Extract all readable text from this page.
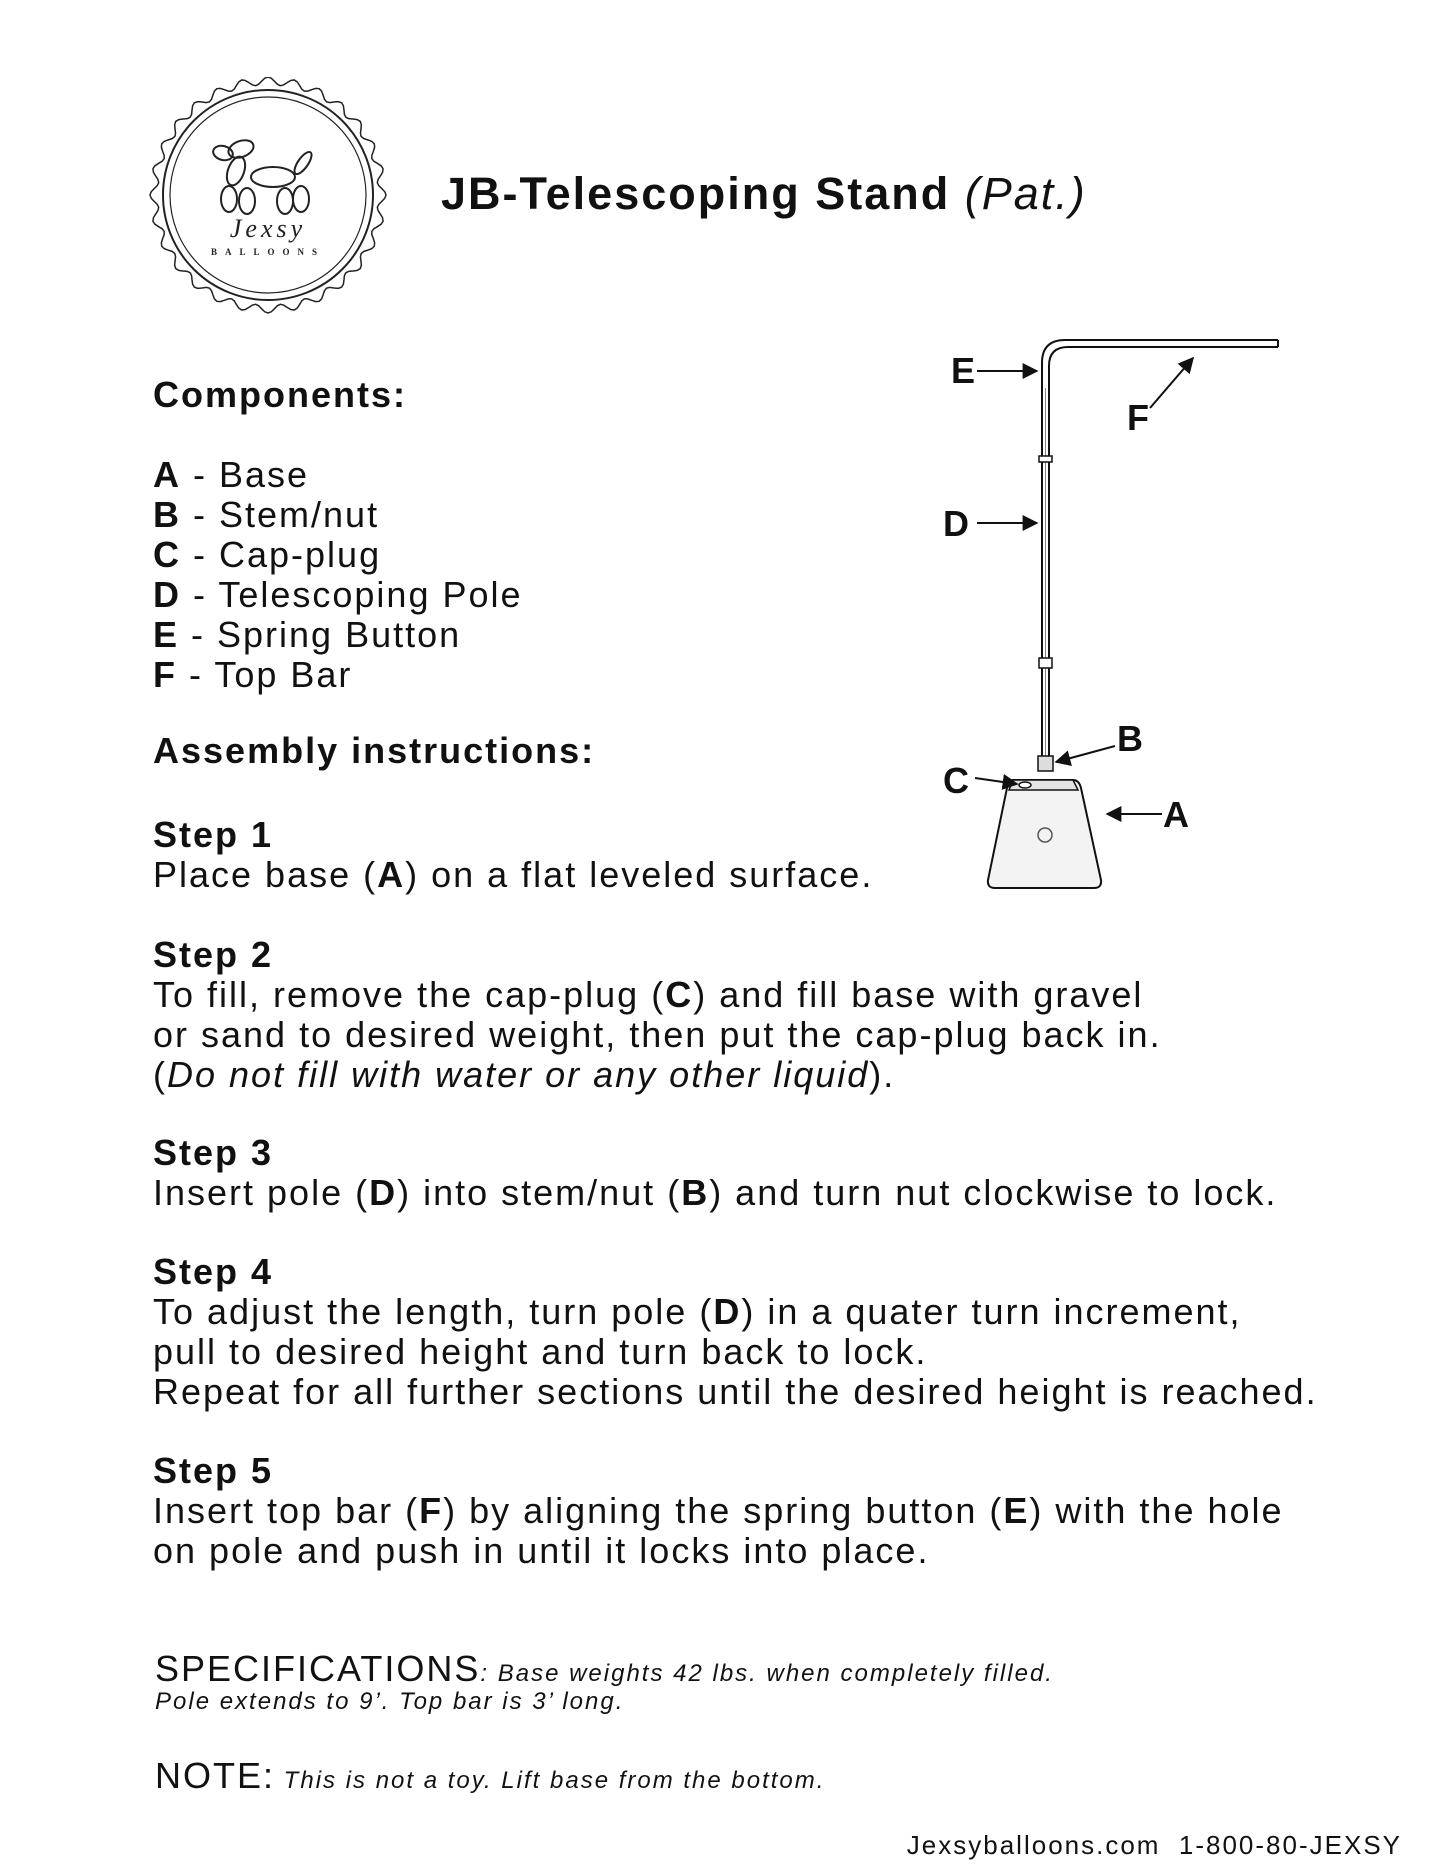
Jexsy
BALLOONS
JB-Telescoping Stand (Pat.)
Components:
A - Base
B - Stem/nut
C - Cap-plug
D - Telescoping Pole
E - Spring Button
F - Top Bar
Assembly instructions:
Step 1
Place base (A) on a flat leveled surface.
Step 2
To fill, remove the cap-plug (C) and fill base with gravel
or sand to desired weight, then put the cap-plug back in.
(Do not fill with water or any other liquid).
Step 3
Insert pole (D) into stem/nut (B) and turn nut clockwise to lock.
Step 4
To adjust the length, turn pole (D) in a quater turn increment,
pull to desired height and turn back to lock.
Repeat for all further sections until the desired height is reached.
Step 5
Insert top bar (F) by aligning the spring button (E) with the hole
on pole and push in until it locks into place.
E
F
D
B
C
A
SPECIFICATIONS: Base weights 42 lbs. when completely filled.
Pole extends to 9’. Top bar is 3’ long.
NOTE: This is not a toy. Lift base from the bottom.
Jexsyballoons.com  1-800-80-JEXSY
